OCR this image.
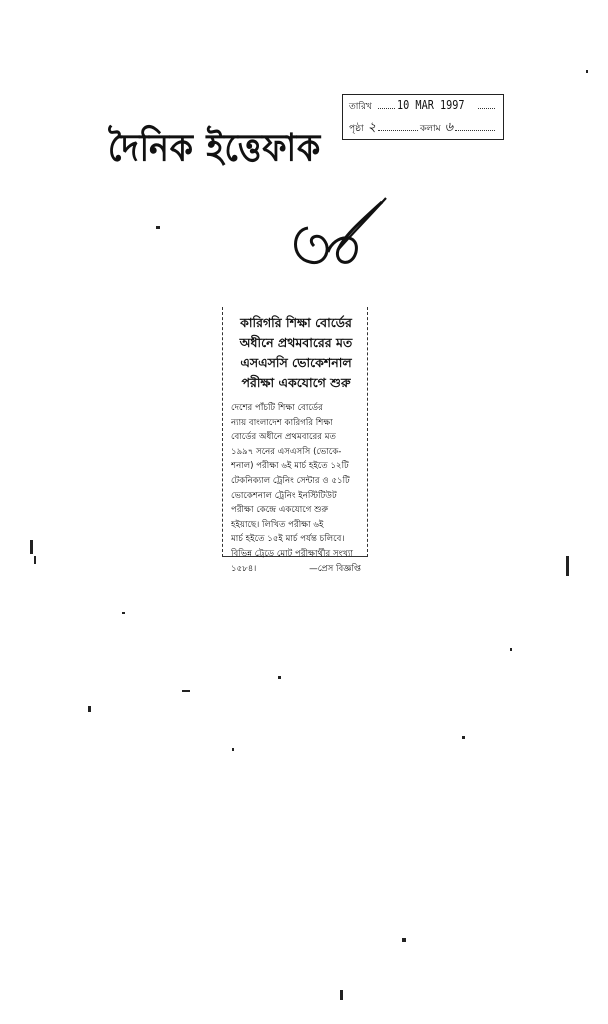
দৈনিক ইত্তেফাক
তারিখ 10 MAR 1997
পৃষ্ঠা ২	কলাম ৬
কারিগরি শিক্ষা বোর্ডের
অধীনে প্রথমবারের মত
এসএসসি ভোকেশনাল
পরীক্ষা একযোগে শুরু
দেশের পাঁচটি শিক্ষা বোর্ডের
ন্যায় বাংলাদেশ কারিগরি শিক্ষা
বোর্ডের অধীনে প্রথমবারের মত
১৯৯৭ সনের এসএসসি (ভোকে-
শনাল) পরীক্ষা ৬ই মার্চ হইতে ১২টি
টেকনিক্যাল ট্রেনিং সেন্টার ও ৫১টি
ভোকেশনাল ট্রেনিং ইনস্টিটিউট
পরীক্ষা কেন্দ্রে একযোগে শুরু
হইয়াছে। লিখিত পরীক্ষা ৬ই
মার্চ হইতে ১৫ই মার্চ পর্যন্ত চলিবে।
বিভিন্ন ট্রেডে মোট পরীক্ষার্থীর সংখ্যা
১৫৮৪।	—প্রেস বিজ্ঞপ্তি
